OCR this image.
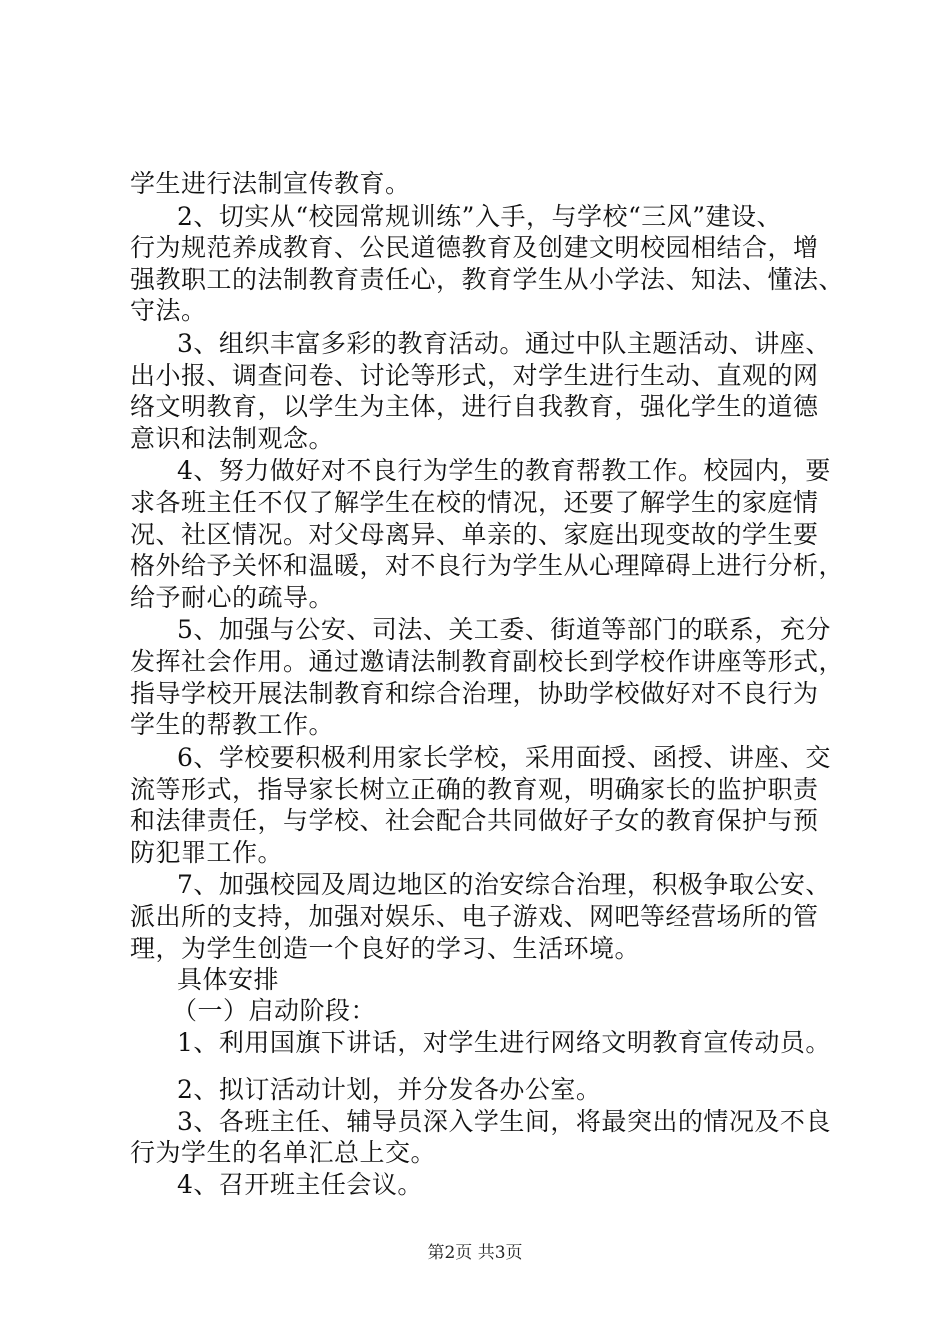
学生进行法制宣传教育。
2、切实从“校园常规训练”入手，与学校“三风”建设、
行为规范养成教育、公民道德教育及创建文明校园相结合，增
强教职工的法制教育责任心，教育学生从小学法、知法、懂法、
守法。
3、组织丰富多彩的教育活动。通过中队主题活动、讲座、
出小报、调查问卷、讨论等形式，对学生进行生动、直观的网
络文明教育，以学生为主体，进行自我教育，强化学生的道德
意识和法制观念。
4、努力做好对不良行为学生的教育帮教工作。校园内，要
求各班主任不仅了解学生在校的情况，还要了解学生的家庭情
况、社区情况。对父母离异、单亲的、家庭出现变故的学生要
格外给予关怀和温暖，对不良行为学生从心理障碍上进行分析，
给予耐心的疏导。
5、加强与公安、司法、关工委、街道等部门的联系，充分
发挥社会作用。通过邀请法制教育副校长到学校作讲座等形式，
指导学校开展法制教育和综合治理，协助学校做好对不良行为
学生的帮教工作。
6、学校要积极利用家长学校，采用面授、函授、讲座、交
流等形式，指导家长树立正确的教育观，明确家长的监护职责
和法律责任，与学校、社会配合共同做好子女的教育保护与预
防犯罪工作。
7、加强校园及周边地区的治安综合治理，积极争取公安、
派出所的支持，加强对娱乐、电子游戏、网吧等经营场所的管
理，为学生创造一个良好的学习、生活环境。
具体安排
（一）启动阶段：
1、利用国旗下讲话，对学生进行网络文明教育宣传动员。
2、拟订活动计划，并分发各办公室。
3、各班主任、辅导员深入学生间，将最突出的情况及不良
行为学生的名单汇总上交。
4、召开班主任会议。
第2页 共3页
